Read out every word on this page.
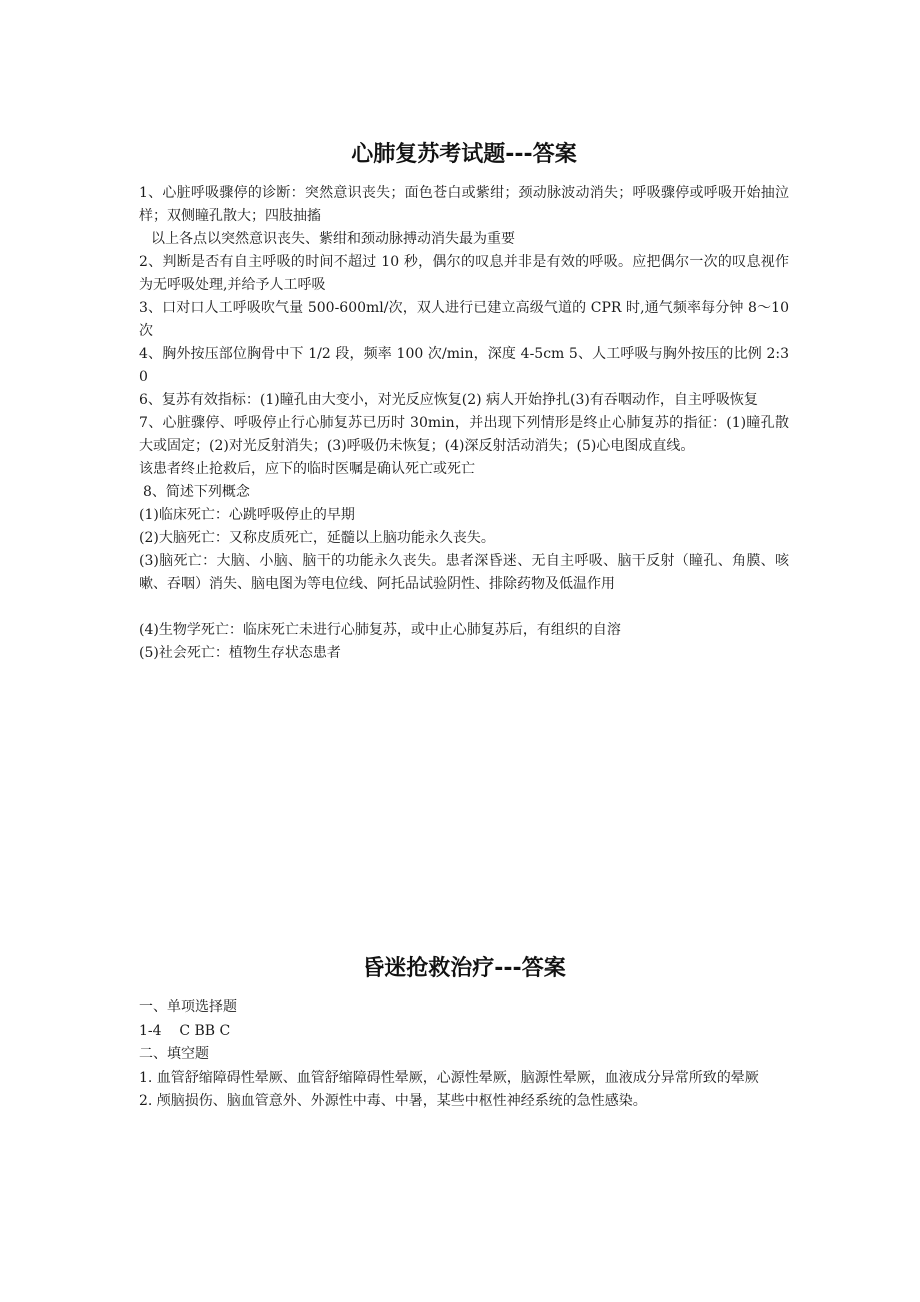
心肺复苏考试题---答案

1、心脏呼吸骤停的诊断：突然意识丧失；面色苍白或紫绀；颈动脉波动消失；呼吸骤停或呼吸开始抽泣样；双侧瞳孔散大；四肢抽搐

以上各点以突然意识丧失、紫绀和颈动脉搏动消失最为重要

2、判断是否有自主呼吸的时间不超过 10 秒，偶尔的叹息并非是有效的呼吸。应把偶尔一次的叹息视作为无呼吸处理,并给予人工呼吸

3、口对口人工呼吸吹气量 500-600ml/次，双人进行已建立高级气道的 CPR 时,通气频率每分钟 8～10 次

4、胸外按压部位胸骨中下 1/2 段，频率 100 次/min，深度 4-5cm 5、人工呼吸与胸外按压的比例 2:30

6、复苏有效指标：(1)瞳孔由大变小，对光反应恢复(2) 病人开始挣扎(3)有吞咽动作，自主呼吸恢复

7、心脏骤停、呼吸停止行心肺复苏已历时 30min，并出现下列情形是终止心肺复苏的指征：(1)瞳孔散大或固定；(2)对光反射消失；(3)呼吸仍未恢复；(4)深反射活动消失；(5)心电图成直线。

该患者终止抢救后，应下的临时医嘱是确认死亡或死亡

8、简述下列概念

(1)临床死亡：心跳呼吸停止的早期

(2)大脑死亡：又称皮质死亡，延髓以上脑功能永久丧失。

(3)脑死亡：大脑、小脑、脑干的功能永久丧失。患者深昏迷、无自主呼吸、脑干反射（瞳孔、角膜、咳嗽、吞咽）消失、脑电图为等电位线、阿托品试验阴性、排除药物及低温作用

(4)生物学死亡：临床死亡未进行心肺复苏，或中止心肺复苏后，有组织的自溶

(5)社会死亡：植物生存状态患者

昏迷抢救治疗---答案

一、单项选择题

1-4    C BB C

二、填空题

1. 血管舒缩障碍性晕厥、血管舒缩障碍性晕厥，心源性晕厥，脑源性晕厥，血液成分异常所致的晕厥

2. 颅脑损伤、脑血管意外、外源性中毒、中暑，某些中枢性神经系统的急性感染。
